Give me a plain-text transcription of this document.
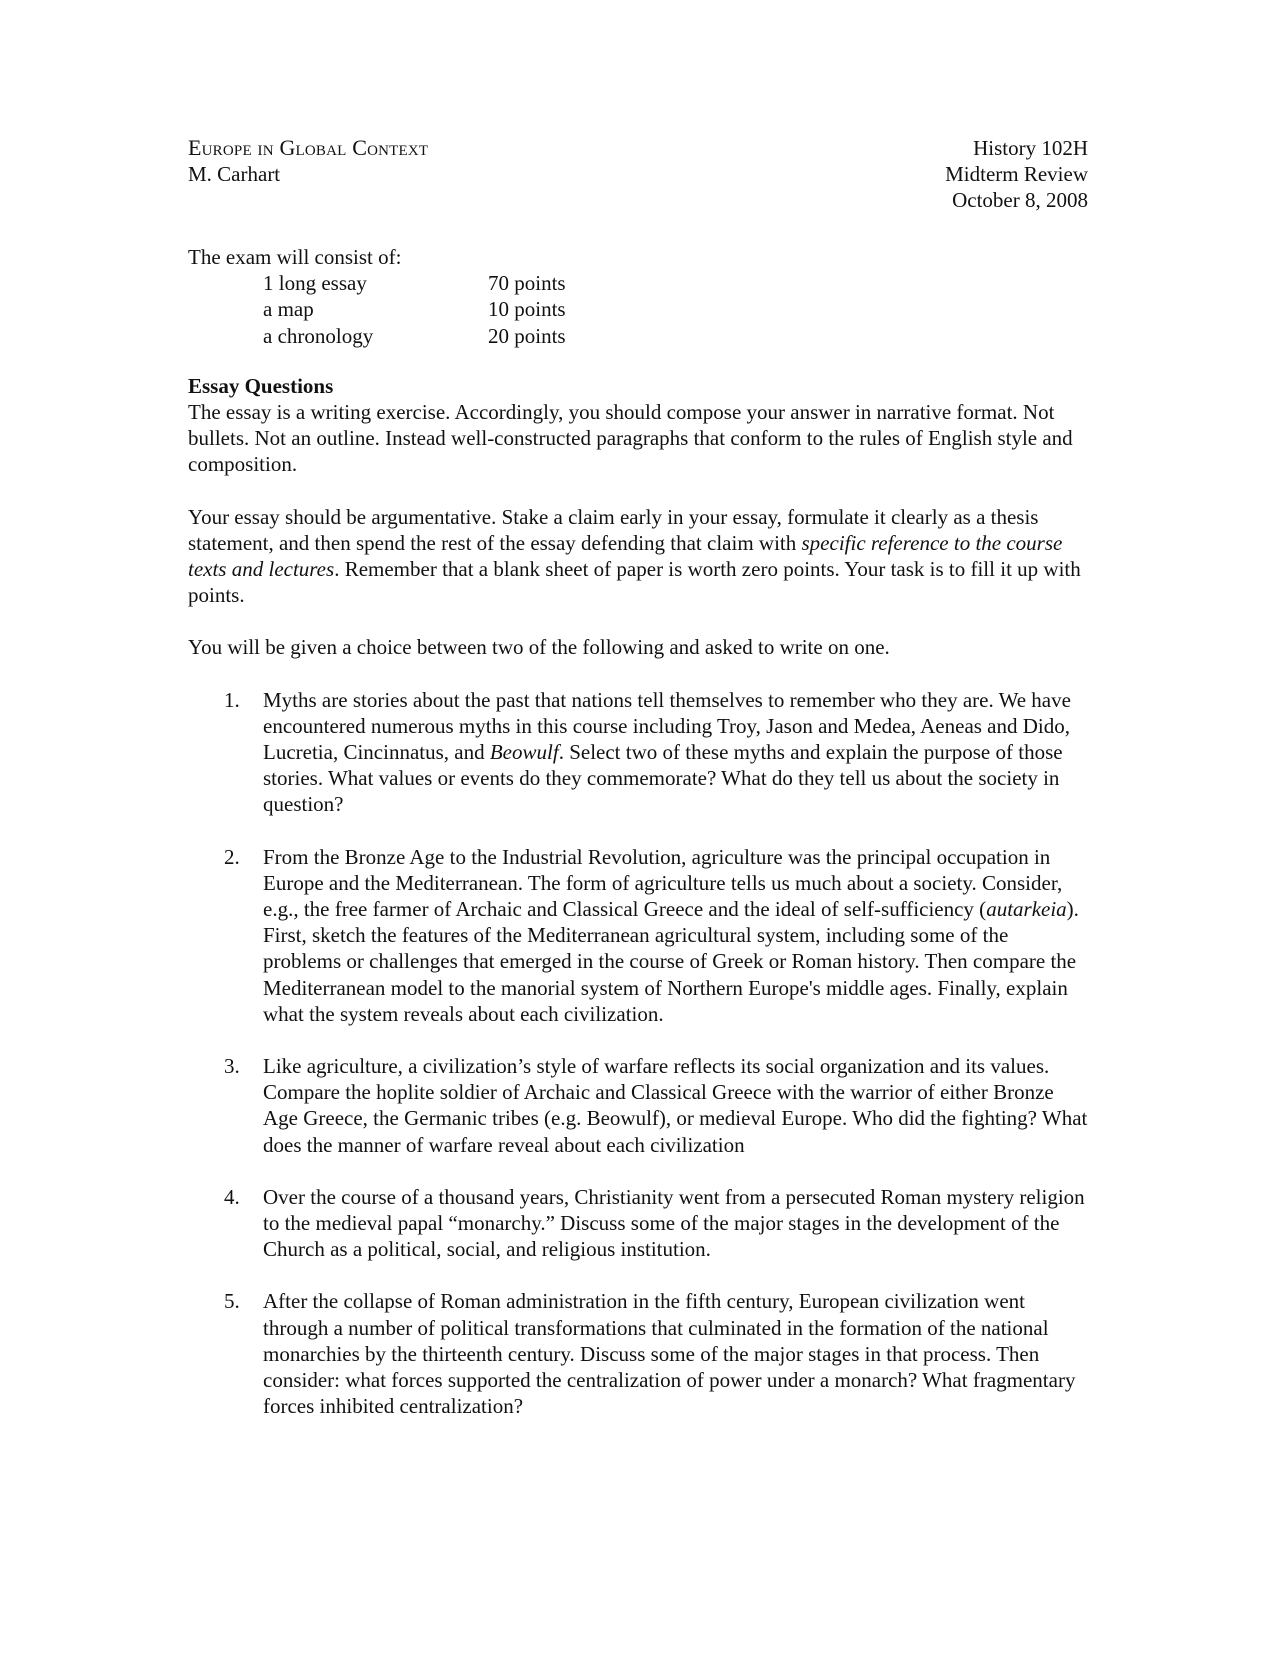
Europe in Global Context
M. Carhart
History 102H
Midterm Review
October 8, 2008
The exam will consist of:
1 long essay	70 points
a map	10 points
a chronology	20 points
Essay Questions

The essay is a writing exercise. Accordingly, you should compose your answer in narrative format. Not bullets. Not an outline. Instead well-constructed paragraphs that conform to the rules of English style and composition.

Your essay should be argumentative. Stake a claim early in your essay, formulate it clearly as a thesis statement, and then spend the rest of the essay defending that claim with specific reference to the course texts and lectures. Remember that a blank sheet of paper is worth zero points. Your task is to fill it up with points.

You will be given a choice between two of the following and asked to write on one.

1.	Myths are stories about the past that nations tell themselves to remember who they are. We have encountered numerous myths in this course including Troy, Jason and Medea, Aeneas and Dido, Lucretia, Cincinnatus, and Beowulf. Select two of these myths and explain the purpose of those stories. What values or events do they commemorate? What do they tell us about the society in question?
2.	From the Bronze Age to the Industrial Revolution, agriculture was the principal occupation in Europe and the Mediterranean. The form of agriculture tells us much about a society. Consider, e.g., the free farmer of Archaic and Classical Greece and the ideal of self-sufficiency (autarkeia). First, sketch the features of the Mediterranean agricultural system, including some of the problems or challenges that emerged in the course of Greek or Roman history. Then compare the Mediterranean model to the manorial system of Northern Europe's middle ages. Finally, explain what the system reveals about each civilization.
3.	Like agriculture, a civilization’s style of warfare reflects its social organization and its values. Compare the hoplite soldier of Archaic and Classical Greece with the warrior of either Bronze Age Greece, the Germanic tribes (e.g. Beowulf), or medieval Europe. Who did the fighting? What does the manner of warfare reveal about each civilization
4.	Over the course of a thousand years, Christianity went from a persecuted Roman mystery religion to the medieval papal “monarchy.” Discuss some of the major stages in the development of the Church as a political, social, and religious institution.
5.	After the collapse of Roman administration in the fifth century, European civilization went through a number of political transformations that culminated in the formation of the national monarchies by the thirteenth century. Discuss some of the major stages in that process. Then consider: what forces supported the centralization of power under a monarch? What fragmentary forces inhibited centralization?
